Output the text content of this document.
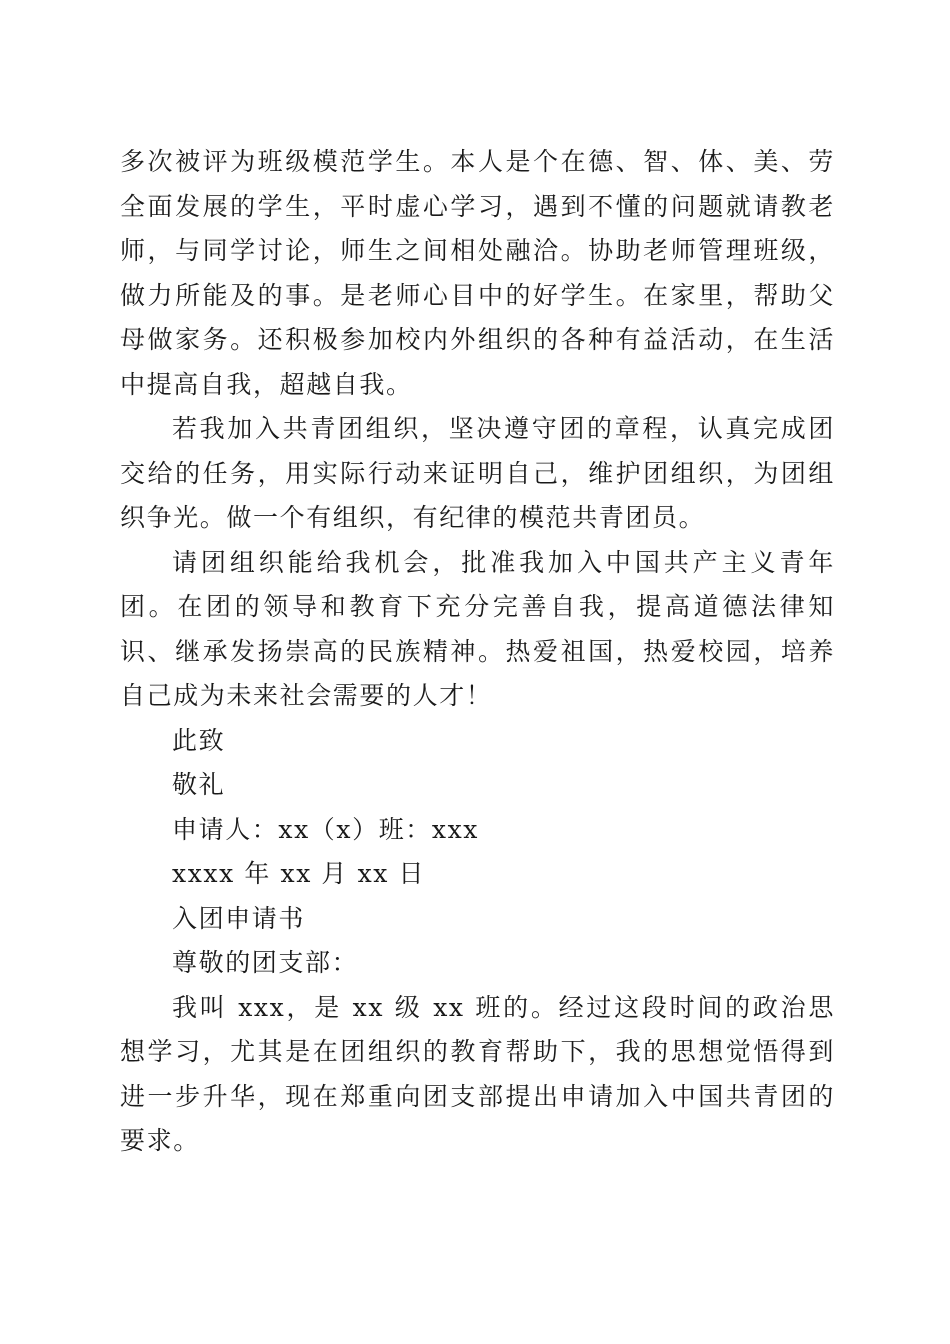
多次被评为班级模范学生。本人是个在德、智、体、美、劳全面发展的学生，平时虚心学习，遇到不懂的问题就请教老师，与同学讨论，师生之间相处融洽。协助老师管理班级，做力所能及的事。是老师心目中的好学生。在家里，帮助父母做家务。还积极参加校内外组织的各种有益活动，在生活中提高自我，超越自我。

若我加入共青团组织，坚决遵守团的章程，认真完成团交给的任务，用实际行动来证明自己，维护团组织，为团组织争光。做一个有组织，有纪律的模范共青团员。

请团组织能给我机会，批准我加入中国共产主义青年团。在团的领导和教育下充分完善自我，提高道德法律知识、继承发扬崇高的民族精神。热爱祖国，热爱校园，培养自己成为未来社会需要的人才！

此致

敬礼

申请人：xx（x）班：xxx

xxxx 年 xx 月 xx 日

入团申请书

尊敬的团支部：

我叫 xxx，是 xx 级 xx 班的。经过这段时间的政治思想学习，尤其是在团组织的教育帮助下，我的思想觉悟得到进一步升华，现在郑重向团支部提出申请加入中国共青团的要求。
